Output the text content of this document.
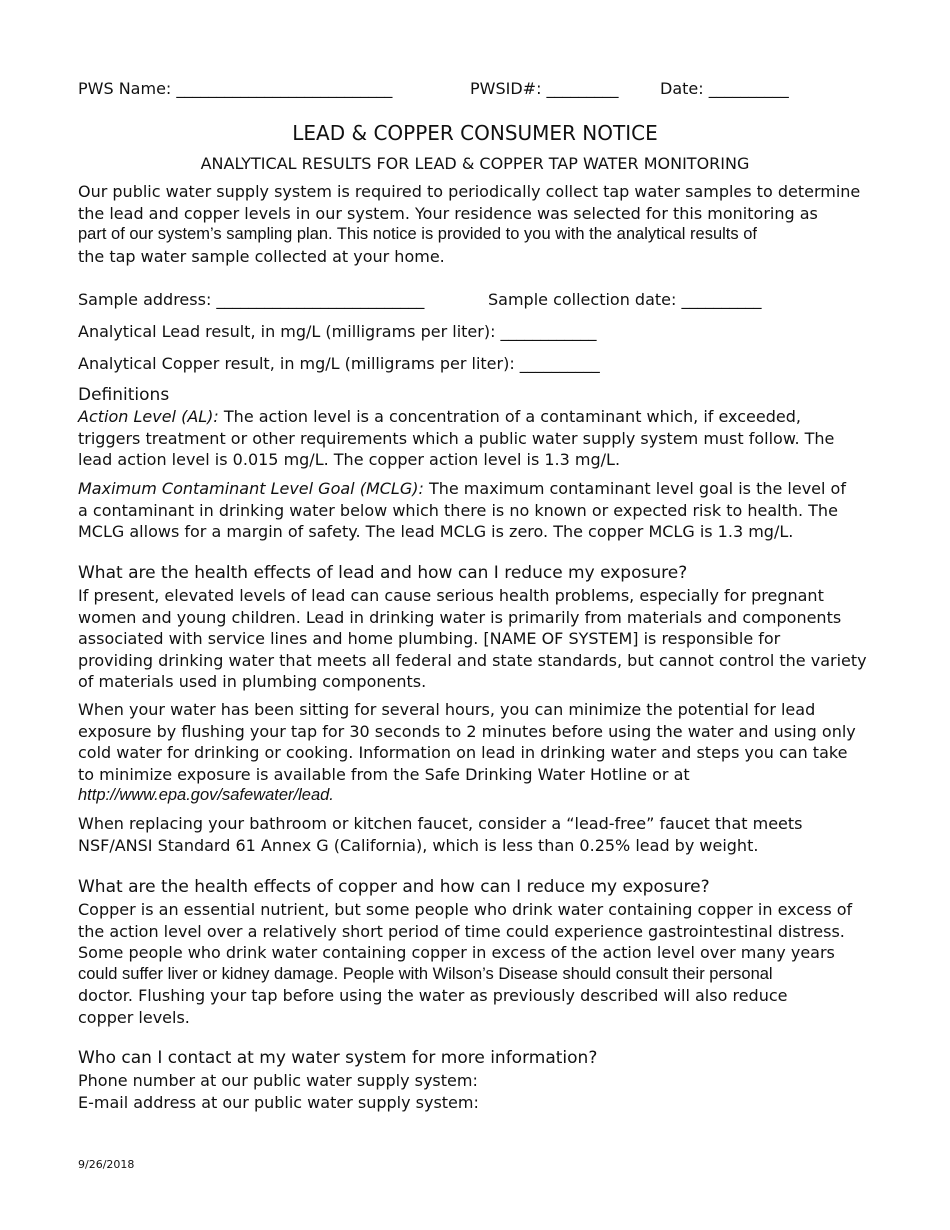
PWS Name: ___________________________	PWSID#: _________	Date: __________
LEAD & COPPER CONSUMER NOTICE
ANALYTICAL RESULTS FOR LEAD & COPPER TAP WATER MONITORING
Our public water supply system is required to periodically collect tap water samples to determine
the lead and copper levels in our system. Your residence was selected for this monitoring as
part of our system’s sampling plan. This notice is provided to you with the analytical results of
the tap water sample collected at your home.
Sample address: __________________________	Sample collection date: __________
Analytical Lead result, in mg/L (milligrams per liter): ____________
Analytical Copper result, in mg/L (milligrams per liter): __________
Definitions
Action Level (AL): The action level is a concentration of a contaminant which, if exceeded,
triggers treatment or other requirements which a public water supply system must follow. The
lead action level is 0.015 mg/L. The copper action level is 1.3 mg/L.
Maximum Contaminant Level Goal (MCLG): The maximum contaminant level goal is the level of
a contaminant in drinking water below which there is no known or expected risk to health. The
MCLG allows for a margin of safety. The lead MCLG is zero. The copper MCLG is 1.3 mg/L.
What are the health effects of lead and how can I reduce my exposure?
If present, elevated levels of lead can cause serious health problems, especially for pregnant
women and young children. Lead in drinking water is primarily from materials and components
associated with service lines and home plumbing. [NAME OF SYSTEM] is responsible for
providing drinking water that meets all federal and state standards, but cannot control the variety
of materials used in plumbing components.
When your water has been sitting for several hours, you can minimize the potential for lead
exposure by flushing your tap for 30 seconds to 2 minutes before using the water and using only
cold water for drinking or cooking. Information on lead in drinking water and steps you can take
to minimize exposure is available from the Safe Drinking Water Hotline or at
http://www.epa.gov/safewater/lead.
When replacing your bathroom or kitchen faucet, consider a “lead-free” faucet that meets
NSF/ANSI Standard 61 Annex G (California), which is less than 0.25% lead by weight.
What are the health effects of copper and how can I reduce my exposure?
Copper is an essential nutrient, but some people who drink water containing copper in excess of
the action level over a relatively short period of time could experience gastrointestinal distress.
Some people who drink water containing copper in excess of the action level over many years
could suffer liver or kidney damage. People with Wilson’s Disease should consult their personal
doctor. Flushing your tap before using the water as previously described will also reduce
copper levels.
Who can I contact at my water system for more information?
Phone number at our public water supply system:
E-mail address at our public water supply system:
9/26/2018
